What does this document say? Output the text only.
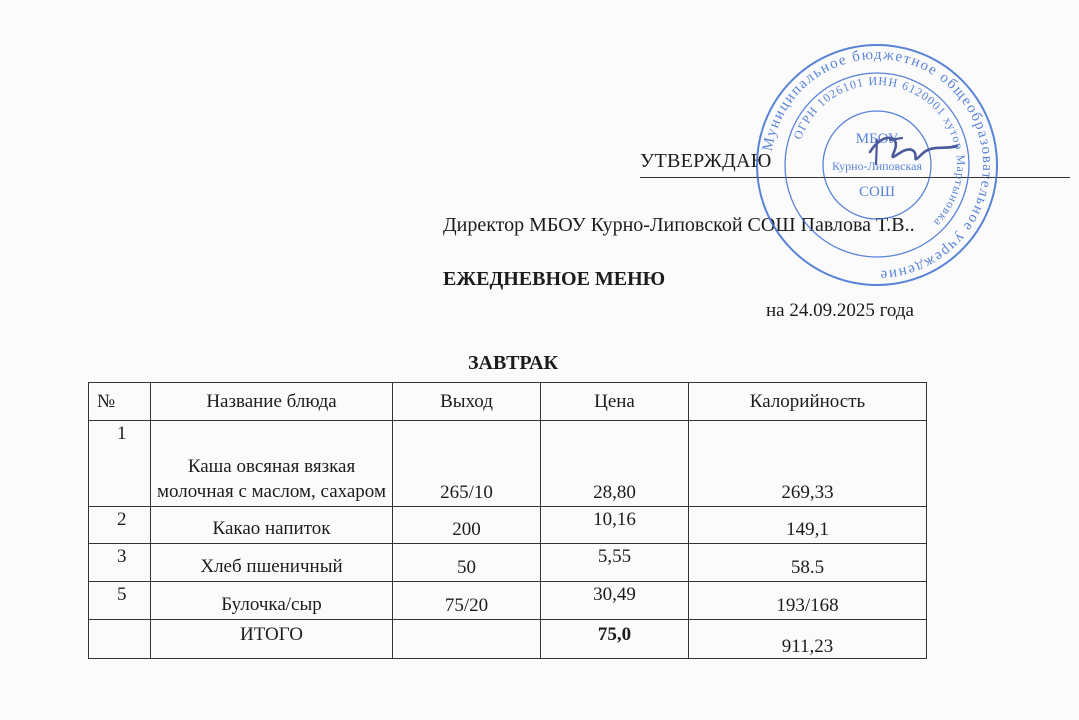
УТВЕРЖДАЮ
Директор МБОУ Курно-Липовской СОШ Павлова Т.В..
ЕЖЕДНЕВНОЕ МЕНЮ
на 24.09.2025 года
ЗАВТРАК
№	Название блюда	Выход	Цена	Калорийность
1	Каша овсяная вязкая молочная с маслом, сахаром	265/10	28,80	269,33
2	Какао напиток	200	10,16	149,1
3	Хлеб пшеничный	50	5,55	58.5
5	Булочка/сыр	75/20	30,49	193/168
	ИТОГО		75,0	911,23
Муниципальное бюджетное общеобразовательное учреждение
ОГРН 1026101 ИНН 6120001 хутор Мартыновка
МБОУ
Курно-Липовская
СОШ
